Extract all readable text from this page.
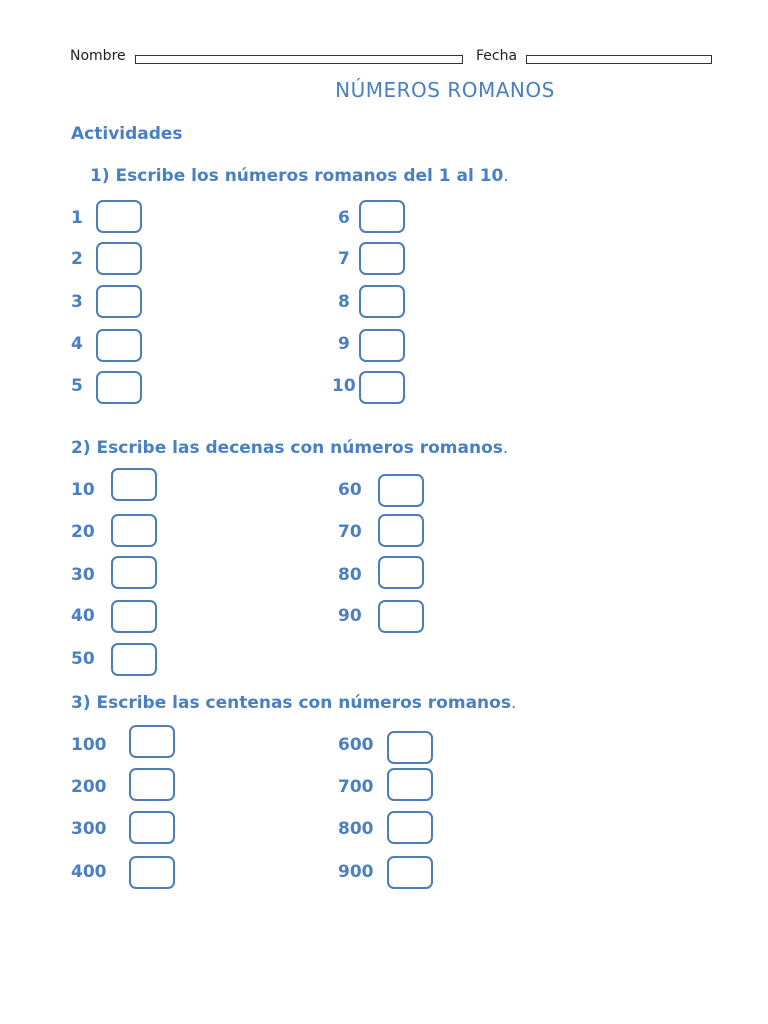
Nombre	Fecha
NÚMEROS ROMANOS
Actividades
1) Escribe los números romanos del 1 al 10.
1
2
3
4
5
6
7
8
9
10
2) Escribe las decenas con números romanos.
10
20
30
40
50
60
70
80
90
3) Escribe las centenas con números romanos.
100
200
300
400
600
700
800
900
